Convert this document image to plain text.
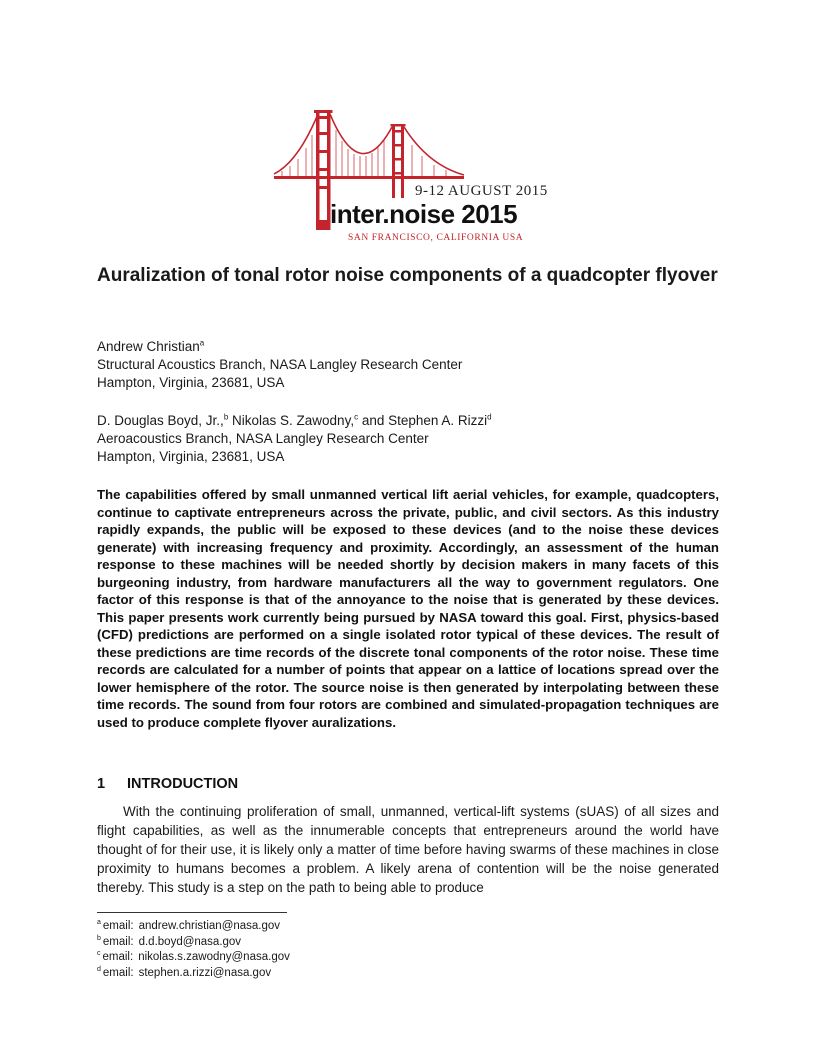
9-12 AUGUST 2015
inter.noise 2015
SAN FRANCISCO, CALIFORNIA USA
Auralization of tonal rotor noise components of a quadcopter flyover
Andrew Christian$^a$
Structural Acoustics Branch, NASA Langley Research Center
Hampton, Virginia, 23681, USA
D. Douglas Boyd, Jr.,$^b$ Nikolas S. Zawodny,$^c$ and Stephen A. Rizzi$^d$
Aeroacoustics Branch, NASA Langley Research Center
Hampton, Virginia, 23681, USA

The capabilities offered by small unmanned vertical lift aerial vehicles, for example, quadcopters, continue to captivate entrepreneurs across the private, public, and civil sectors. As this industry rapidly expands, the public will be exposed to these devices (and to the noise these devices generate) with increasing frequency and proximity. Accordingly, an assessment of the human response to these machines will be needed shortly by decision makers in many facets of this burgeoning industry, from hardware manufacturers all the way to government regulators. One factor of this response is that of the annoyance to the noise that is generated by these devices. This paper presents work currently being pursued by NASA toward this goal. First, physics-based (CFD) predictions are performed on a single isolated rotor typical of these devices. The result of these predictions are time records of the discrete tonal components of the rotor noise. These time records are calculated for a number of points that appear on a lattice of locations spread over the lower hemisphere of the rotor. The source noise is then generated by interpolating between these time records. The sound from four rotors are combined and simulated-propagation techniques are used to produce complete flyover auralizations.

1 INTRODUCTION

With the continuing proliferation of small, unmanned, vertical-lift systems (sUAS) of all sizes and flight capabilities, as well as the innumerable concepts that entrepreneurs around the world have thought of for their use, it is likely only a matter of time before having swarms of these machines in close proximity to humans becomes a problem. A likely arena of contention will be the noise generated thereby. This study is a step on the path to being able to produce

$^a$ email: andrew.christian@nasa.gov
$^b$ email: d.d.boyd@nasa.gov
$^c$ email: nikolas.s.zawodny@nasa.gov
$^d$ email: stephen.a.rizzi@nasa.gov
